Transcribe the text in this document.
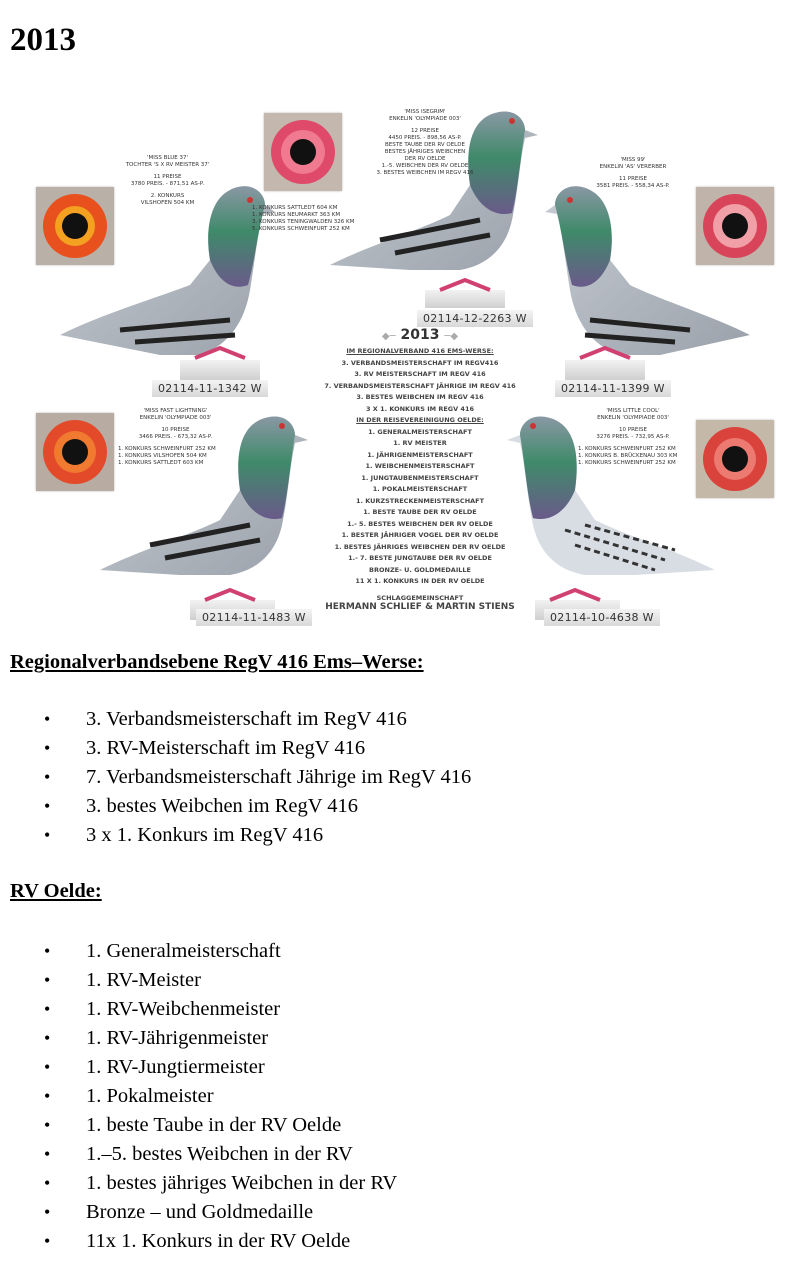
2013
02114-12-2263 W
02114-11-1342 W	02114-11-1399 W
02114-11-1483 W	02114-10-4638 W

'MISS ISEGRIM'

ENKELIN 'OLYMPIADE 003'

12 PREISE

4450 PREIS. - 898,56 AS-P.

BESTE TAUBE DER RV OELDE

BESTES JÄHRIGES WEIBCHEN

DER RV OELDE

1.-5. WEIBCHEN DER RV OELDE

3. BESTES WEIBCHEN IM REGV 416

1. KONKURS SATTLEDT 604 KM

1. KONKURS NEUMARKT 363 KM

3. KONKURS TENINGWALDEN 326 KM

5. KONKURS SCHWEINFURT 252 KM

'MISS BLUE 37'

TOCHTER 'S X RV MEISTER 37'

11 PREISE

3780 PREIS. - 871,51 AS-P.

2. KONKURS

VILSHOFEN 504 KM

'MISS 99'

ENKELIN 'AS' VERERBER

11 PREISE

3581 PREIS. - 558,34 AS-P.

'MISS FAST LIGHTNING'

ENKELIN 'OLYMPIADE 003'

10 PREISE

3466 PREIS. - 673,32 AS-P.

1. KONKURS SCHWEINFURT 252 KM

1. KONKURS VILSHOFEN 504 KM

1. KONKURS SATTLEDT 603 KM

'MISS LITTLE COOL'

ENKELIN 'OLYMPIADE 003'

10 PREISE

3276 PREIS. - 732,95 AS-P.

1. KONKURS SCHWEINFURT 252 KM

1. KONKURS B. BRÜCKENAU 303 KM

1. KONKURS SCHWEINFURT 252 KM

◆─ 2013 ─◆
IM REGIONALVERBAND 416 EMS-WERSE:
3. VERBANDSMEISTERSCHAFT IM REGV416
3. RV MEISTERSCHAFT IM REGV 416
7. VERBANDSMEISTERSCHAFT JÄHRIGE IM REGV 416
3. BESTES WEIBCHEN IM REGV 416
3 X 1. KONKURS IM REGV 416
IN DER REISEVEREINIGUNG OELDE:
1. GENERALMEISTERSCHAFT
1. RV MEISTER
1. JÄHRIGENMEISTERSCHAFT
1. WEIBCHENMEISTERSCHAFT
1. JUNGTAUBENMEISTERSCHAFT
1. POKALMEISTERSCHAFT
1. KURZSTRECKENMEISTERSCHAFT
1. BESTE TAUBE DER RV OELDE
1.- 5. BESTES WEIBCHEN DER RV OELDE
1. BESTER JÄHRIGER VOGEL DER RV OELDE
1. BESTES JÄHRIGES WEIBCHEN DER RV OELDE
1.- 7. BESTE JUNGTAUBE DER RV OELDE
BRONZE- U. GOLDMEDAILLE
11 X 1. KONKURS IN DER RV OELDE
SCHLAGGEMEINSCHAFT
HERMANN SCHLIEF & MARTIN STIENS
Regionalverbandsebene RegV 416 Ems–Werse:
• 3. Verbandsmeisterschaft im RegV 416
• 3. RV-Meisterschaft im RegV 416
• 7. Verbandsmeisterschaft Jährige im RegV 416
• 3. bestes Weibchen im RegV 416
• 3 x 1. Konkurs im RegV 416
RV Oelde:
• 1. Generalmeisterschaft
• 1. RV-Meister
• 1. RV-Weibchenmeister
• 1. RV-Jährigenmeister
• 1. RV-Jungtiermeister
• 1. Pokalmeister
• 1. beste Taube in der RV Oelde
• 1.–5. bestes Weibchen in der RV
• 1. bestes jähriges Weibchen in der RV
• Bronze – und Goldmedaille
• 11x 1. Konkurs in der RV Oelde
